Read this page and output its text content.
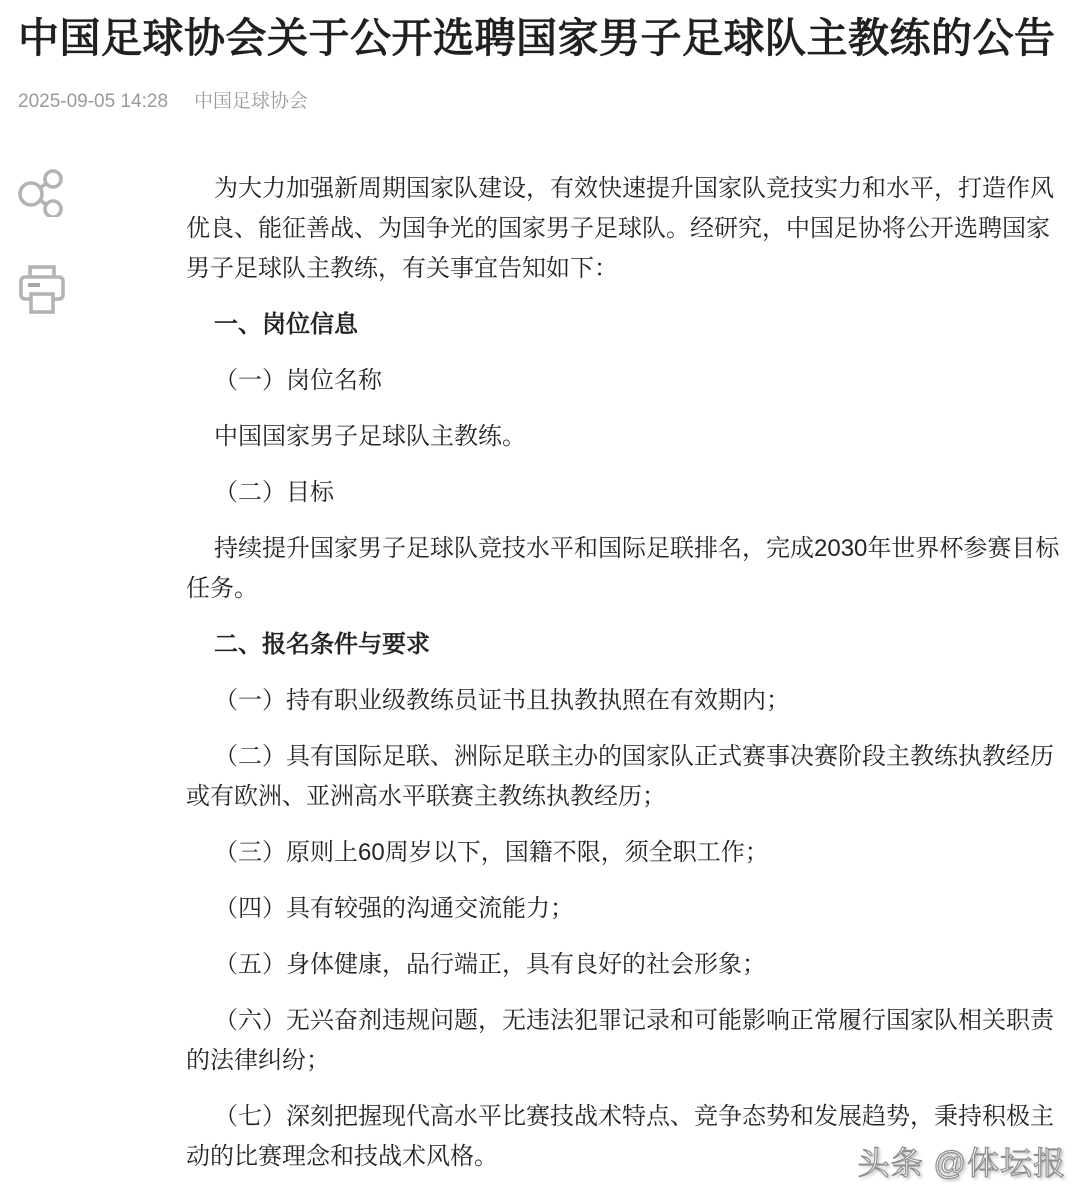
中国足球协会关于公开选聘国家男子足球队主教练的公告
2025-09-05 14:28 中国足球协会

为大力加强新周期国家队建设，有效快速提升国家队竞技实力和水平，打造作风优良、能征善战、为国争光的国家男子足球队。经研究，中国足协将公开选聘国家男子足球队主教练，有关事宜告知如下：

一、岗位信息

（一）岗位名称

中国国家男子足球队主教练。

（二）目标

持续提升国家男子足球队竞技水平和国际足联排名，完成2030年世界杯参赛目标任务。

二、报名条件与要求

（一）持有职业级教练员证书且执教执照在有效期内；

（二）具有国际足联、洲际足联主办的国家队正式赛事决赛阶段主教练执教经历或有欧洲、亚洲高水平联赛主教练执教经历；

（三）原则上60周岁以下，国籍不限，须全职工作；

（四）具有较强的沟通交流能力；

（五）身体健康，品行端正，具有良好的社会形象；

（六）无兴奋剂违规问题，无违法犯罪记录和可能影响正常履行国家队相关职责的法律纠纷；

（七）深刻把握现代高水平比赛技战术特点、竞争态势和发展趋势，秉持积极主动的比赛理念和技战术风格。	头条 @体坛报
